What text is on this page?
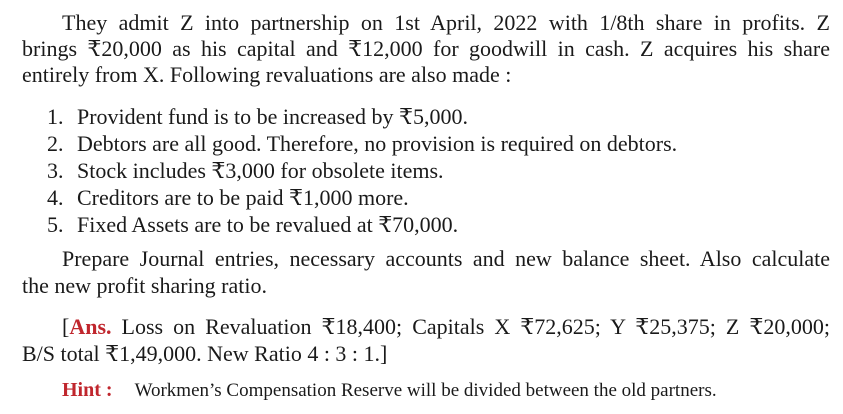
They admit Z into partnership on 1st April, 2022 with 1/8th share in profits. Z
brings ₹20,000 as his capital and ₹12,000 for goodwill in cash. Z acquires his share
entirely from X. Following revaluations are also made :
1. Provident fund is to be increased by ₹5,000.
2. Debtors are all good. Therefore, no provision is required on debtors.
3. Stock includes ₹3,000 for obsolete items.
4. Creditors are to be paid ₹1,000 more.
5. Fixed Assets are to be revalued at ₹70,000.
Prepare Journal entries, necessary accounts and new balance sheet. Also calculate
the new profit sharing ratio.
[Ans. Loss on Revaluation ₹18,400; Capitals X ₹72,625; Y ₹25,375; Z ₹20,000;
B/S total ₹1,49,000. New Ratio 4 : 3 : 1.]
Hint : Workmen’s Compensation Reserve will be divided between the old partners.
